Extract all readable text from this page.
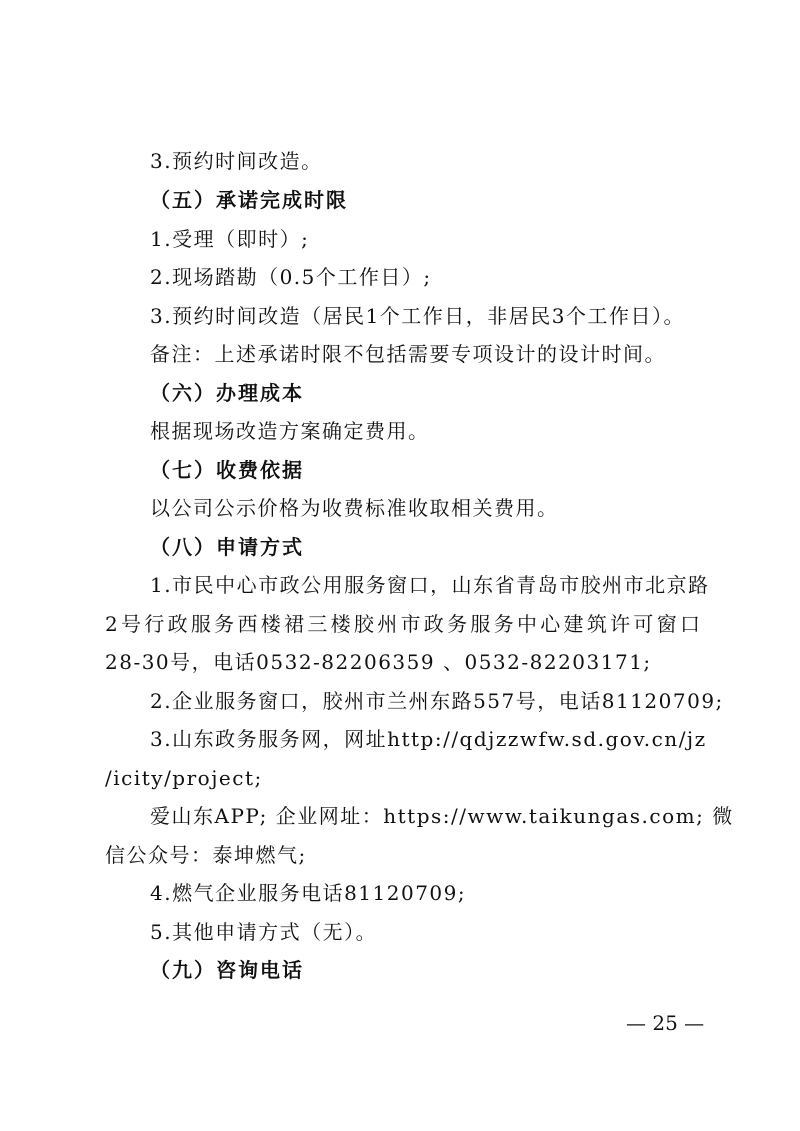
3.预约时间改造。
（五）承诺完成时限
1.受理（即时）;
2.现场踏勘（0.5个工作日）;
3.预约时间改造（居民1个工作日，非居民3个工作日）。
备注：上述承诺时限不包括需要专项设计的设计时间。
（六）办理成本
根据现场改造方案确定费用。
（七）收费依据
以公司公示价格为收费标准收取相关费用。
（八）申请方式
1.市民中心市政公用服务窗口，山东省青岛市胶州市北京路
2号行政服务西楼裙三楼胶州市政务服务中心建筑许可窗口
28-30号，电话0532-82206359 、0532-82203171;
2.企业服务窗口，胶州市兰州东路557号，电话81120709;
3.山东政务服务网，网址http://qdjzzwfw.sd.gov.cn/jz
/icity/project;
爱山东APP; 企业网址：https://www.taikungas.com; 微
信公众号：泰坤燃气;
4.燃气企业服务电话81120709;
5.其他申请方式（无）。
（九）咨询电话
— 25 —
